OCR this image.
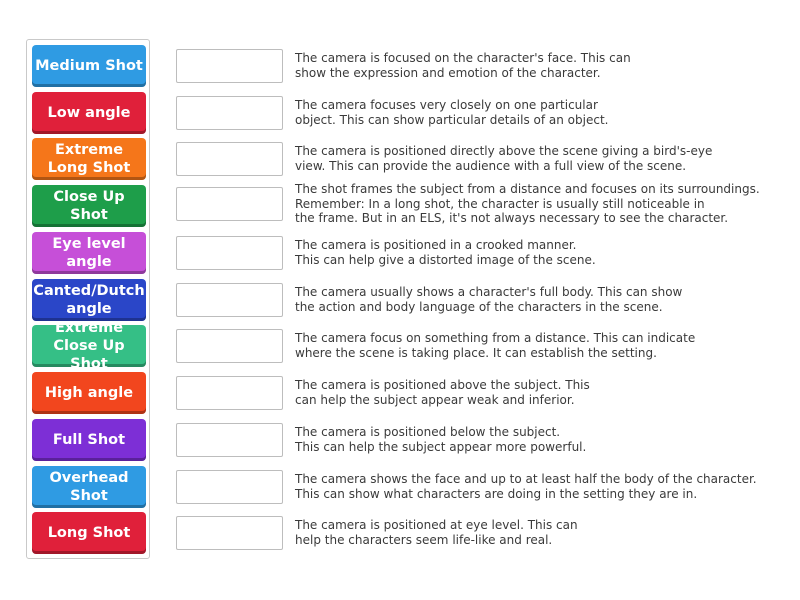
Medium Shot
Low angle
Extreme
Long Shot
Close Up Shot
Eye level
angle
Canted/Dutch
angle
Extreme
Close Up Shot
High angle
Full Shot
Overhead
Shot
Long Shot
The camera is focused on the character's face. This can
show the expression and emotion of the character.
The camera focuses very closely on one particular
object. This can show particular details of an object.
The camera is positioned directly above the scene giving a bird's-eye
view. This can provide the audience with a full view of the scene.
The shot frames the subject from a distance and focuses on its surroundings.
Remember: In a long shot, the character is usually still noticeable in
the frame. But in an ELS, it's not always necessary to see the character.
The camera is positioned in a crooked manner.
This can help give a distorted image of the scene.
The camera usually shows a character's full body. This can show
the action and body language of the characters in the scene.
The camera focus on something from a distance. This can indicate
where the scene is taking place. It can establish the setting.
The camera is positioned above the subject. This
can help the subject appear weak and inferior.
The camera is positioned below the subject.
This can help the subject appear more powerful.
The camera shows the face and up to at least half the body of the character.
This can show what characters are doing in the setting they are in.
The camera is positioned at eye level. This can
help the characters seem life-like and real.
